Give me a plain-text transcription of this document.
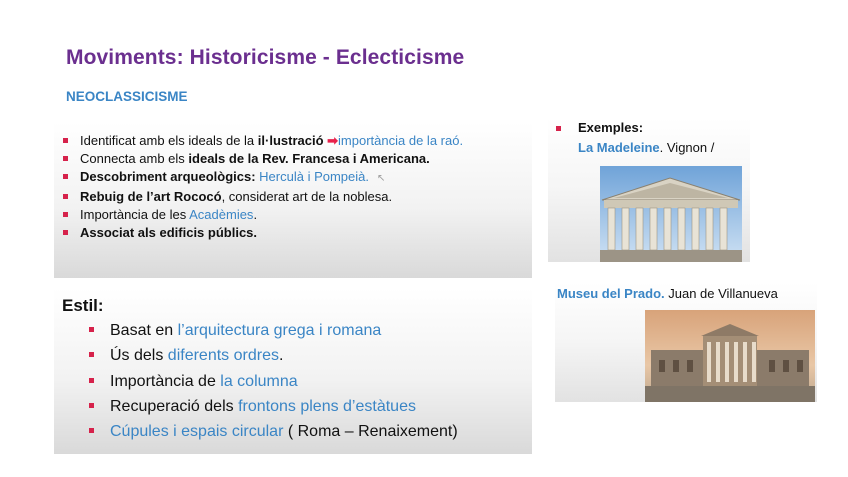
Moviments: Historicisme - Eclecticisme
NEOCLASSICISME
Identificat amb els ideals de la il·lustració ➡importància de la raó.
Connecta amb els ideals de la Rev. Francesa i Americana.
Descobriment arqueològics: Herculà i Pompeià. ↖
Rebuig de l’art Rococó, considerat art de la noblesa.
Importància de les Acadèmies.
Associat als edificis públics.
Basat en l’arquitectura grega i romana
Ús dels diferents ordres.
Importància de la columna
Recuperació dels frontons plens d’estàtues
Cúpules i espais circular ( Roma – Renaixement)
Estil:
Exemples:
La Madeleine. Vignon /
Museu del Prado. Juan de Villanueva
